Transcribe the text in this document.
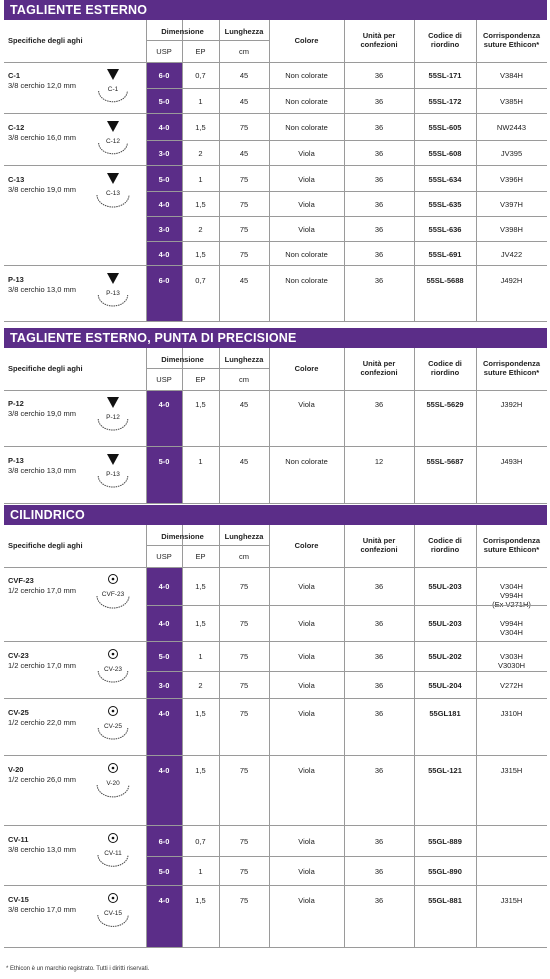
TAGLIENTE ESTERNO
Specifiche degli aghi
Dimensione	Lunghezza
Colore
Unità per confezioni
Codice di riordino
Corrispondenza suture Ethicon*
USP	EP	cm
C-1
3/8 cerchio 12,0 mm	C-1
6-0	0,7	45	Non colorate	36	55SL-171	V384H
5-0	1	45	Non colorate	36	55SL-172	V385H
C-12
3/8 cerchio 16,0 mm	C-12
4-0	1,5	75	Non colorate	36	55SL-605	NW2443
3-0	2	45	Viola	36	55SL-608	JV395
C-13
3/8 cerchio 19,0 mm	C-13
5-0	1	75	Viola	36	55SL-634	V396H
4-0	1,5	75	Viola	36	55SL-635	V397H
3-0	2	75	Viola	36	55SL-636	V398H
4-0	1,5	75	Non colorate	36	55SL-691	JV422
P-13
3/8 cerchio 13,0 mm	P-13
6-0	0,7	45	Non colorate	36	55SL-5688	J492H
TAGLIENTE ESTERNO, PUNTA DI PRECISIONE
Specifiche degli aghi
Dimensione	Lunghezza
Colore
Unità per confezioni
Codice di riordino
Corrispondenza suture Ethicon*
USP	EP	cm
P-12
3/8 cerchio 19,0 mm	P-12
4-0	1,5	45	Viola	36	55SL-5629	J392H
P-13
3/8 cerchio 13,0 mm	P-13
5-0	1	45	Non colorate	12	55SL-5687	J493H
CILINDRICO
Specifiche degli aghi
Dimensione	Lunghezza
Colore
Unità per confezioni
Codice di riordino
Corrispondenza suture Ethicon*
USP	EP	cm
CVF-23
1/2 cerchio 17,0 mm	CVF-23
4-0	1,5	75	Viola	36	55UL-203	V304H
V994H

4-0	1,5	75	Viola	36	55UL-203	V994H
V304H
CV-23
1/2 cerchio 17,0 mm	CV-23
5-0	1	75	Viola	36	55UL-202	V303H
V3030H
3-0	2	75	Viola	36	55UL-204	V272H
CV-25
1/2 cerchio 22,0 mm	CV-25
4-0	1,5	75	Viola	36	55GL181	J310H
V-20
1/2 cerchio 26,0 mm	V-20
4-0	1,5	75	Viola	36	55GL-121	J315H
CV-11
3/8 cerchio 13,0 mm	CV-11
6-0	0,7	75	Viola	36	55GL-889
5-0	1	75	Viola	36	55GL-890
CV-15
3/8 cerchio 17,0 mm	CV-15
4-0	1,5	75	Viola	36	55GL-881	J315H
* Ethicon è un marchio registrato. Tutti i diritti riservati.
